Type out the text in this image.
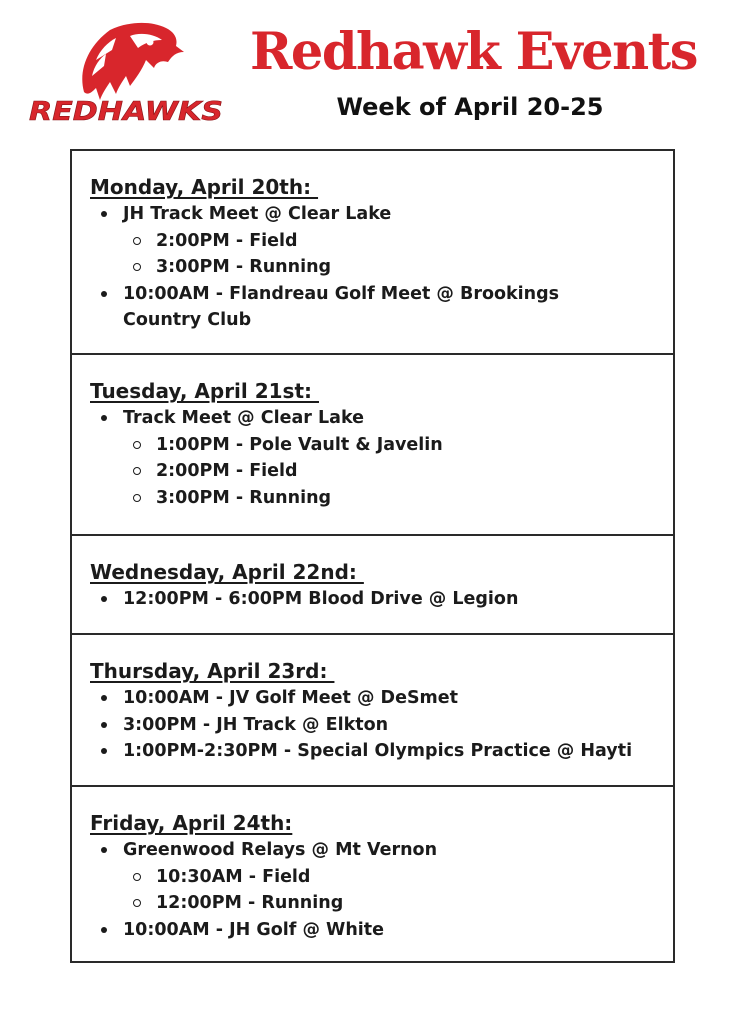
REDHAWKS
Redhawk Events
Week of April 20-25
Monday, April 20th:
JH Track Meet @ Clear Lake
2:00PM - Field
3:00PM - Running
10:00AM - Flandreau Golf Meet @ Brookings Country Club
Tuesday, April 21st:
Track Meet @ Clear Lake
1:00PM - Pole Vault & Javelin
2:00PM - Field
3:00PM - Running
Wednesday, April 22nd:
12:00PM - 6:00PM Blood Drive @ Legion
Thursday, April 23rd:
10:00AM - JV Golf Meet @ DeSmet
3:00PM - JH Track @ Elkton
1:00PM-2:30PM - Special Olympics Practice @ Hayti
Friday, April 24th:
Greenwood Relays @ Mt Vernon
10:30AM - Field
12:00PM - Running
10:00AM - JH Golf @ White
